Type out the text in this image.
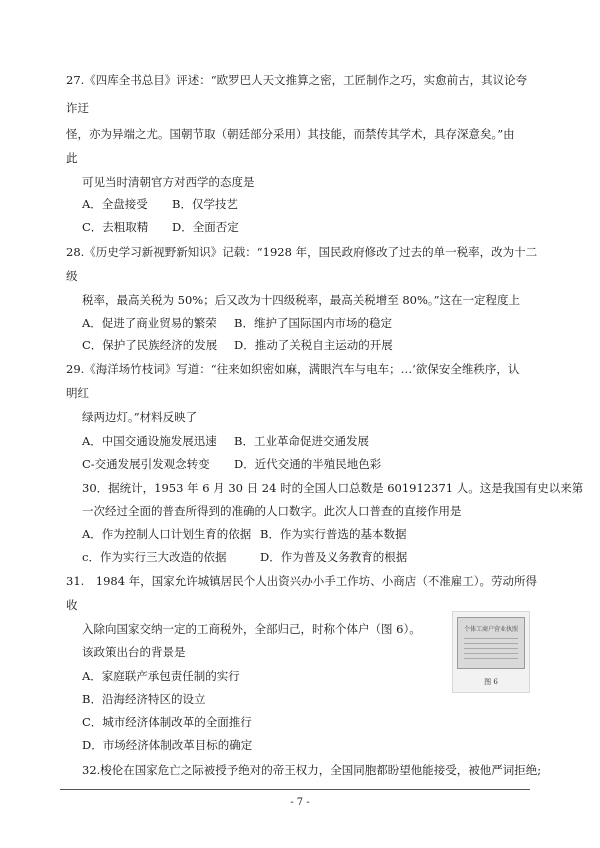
27.《四库全书总目》评述：“欧罗巴人天文推算之密，工匠制作之巧，实愈前古，其议论夸
诈迂
怪，亦为异端之尤。国朝节取（朝廷部分采用）其技能，而禁传其学术，具存深意矣。”由
此
可见当时清朝官方对西学的态度是
A．全盘接受 B．仅学技艺
C．去粗取精 D．全面否定
28.《历史学习新视野新知识》记载：“1928 年，国民政府修改了过去的单一税率，改为十二
级
税率，最高关税为 50%；后又改为十四级税率，最高关税增至 80%。”这在一定程度上
A．促进了商业贸易的繁荣 B．维护了国际国内市场的稳定
C．保护了民族经济的发展 D．推动了关税自主运动的开展
29.《海洋场竹枝词》写道：“往来如织密如麻，满眼汽车与电车；…‘欲保安全维秩序，认
明红
绿两边灯。”材料反映了
A．中国交通设施发展迅速 B．工业革命促进交通发展
C-交通发展引发观念转变 D．近代交通的半殖民地色彩
30．据统计，1953 年 6 月 30 日 24 时的全国人口总数是 601912371 人。这是我国有史以来第
一次经过全面的普查所得到的准确的人口数字。此次人口普查的直接作用是
A．作为控制人口计划生育的依据 B．作为实行普选的基本数据
c．作为实行三大改造的依据	D．作为普及义务教育的根据
31.　1984 年，国家允许城镇居民个人出资兴办小手工作坊、小商店（不准雇工）。劳动所得
收
入除向国家交纳一定的工商税外，全部归己，时称个体户（图 6）。
该政策出台的背景是
A．家庭联产承包责任制的实行
B．沿海经济特区的设立
C．城市经济体制改革的全面推行
D．市场经济体制改革目标的确定
个体工商户营业执照
图 6
32.梭伦在国家危亡之际被授予绝对的帝王权力，全国同胞都盼望他能接受，被他严词拒绝;
- 7 -
